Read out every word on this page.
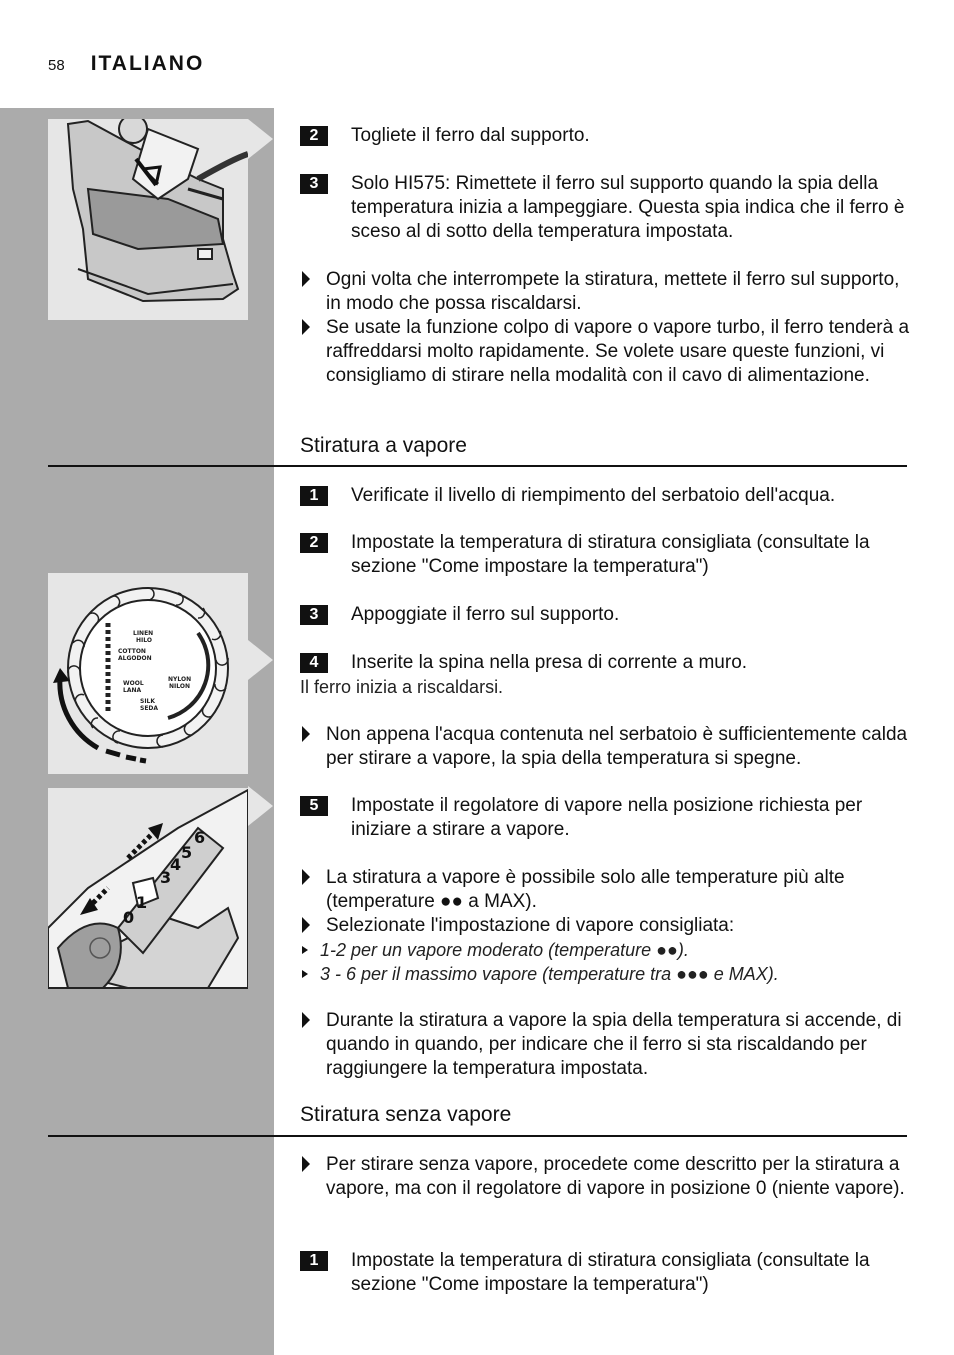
58 ITALIANO
LINEN
HILO
COTTON
ALGODON
WOOL
LANA
NYLON
NILON
SILK
SEDA
0
1
3
4
5
6
2	Togliete il ferro dal supporto.
3	Solo HI575: Rimettete il ferro sul supporto quando la spia della temperatura inizia a lampeggiare. Questa spia indica che il ferro è sceso al di sotto della temperatura impostata.
Ogni volta che interrompete la stiratura, mettete il ferro sul supporto, in modo che possa riscaldarsi.
Se usate la funzione colpo di vapore o vapore turbo, il ferro tenderà a raffreddarsi molto rapidamente. Se volete usare queste funzioni, vi consigliamo di stirare nella modalità con il cavo di alimentazione.
Stiratura a vapore
1	Verificate il livello di riempimento del serbatoio dell'acqua.
2	Impostate la temperatura di stiratura consigliata (consultate la sezione "Come impostare la temperatura")
3	Appoggiate il ferro sul supporto.
4	Inserite la spina nella presa di corrente a muro.
Il ferro inizia a riscaldarsi.
Non appena l'acqua contenuta nel serbatoio è sufficientemente calda per stirare a vapore, la spia della temperatura si spegne.
5	Impostate il regolatore di vapore nella posizione richiesta per iniziare a stirare a vapore.
La stiratura a vapore è possibile solo alle temperature più alte (temperature ●● a MAX).
Selezionate l'impostazione di vapore consigliata:
1-2 per un vapore moderato (temperature ●●).
3 - 6 per il massimo vapore (temperature tra ●●● e MAX).
Durante la stiratura a vapore la spia della temperatura si accende, di quando in quando, per indicare che il ferro si sta riscaldando per raggiungere la temperatura impostata.
Stiratura senza vapore
Per stirare senza vapore, procedete come descritto per la stiratura a vapore, ma con il regolatore di vapore in posizione 0 (niente vapore).
1	Impostate la temperatura di stiratura consigliata (consultate la sezione "Come impostare la temperatura")
